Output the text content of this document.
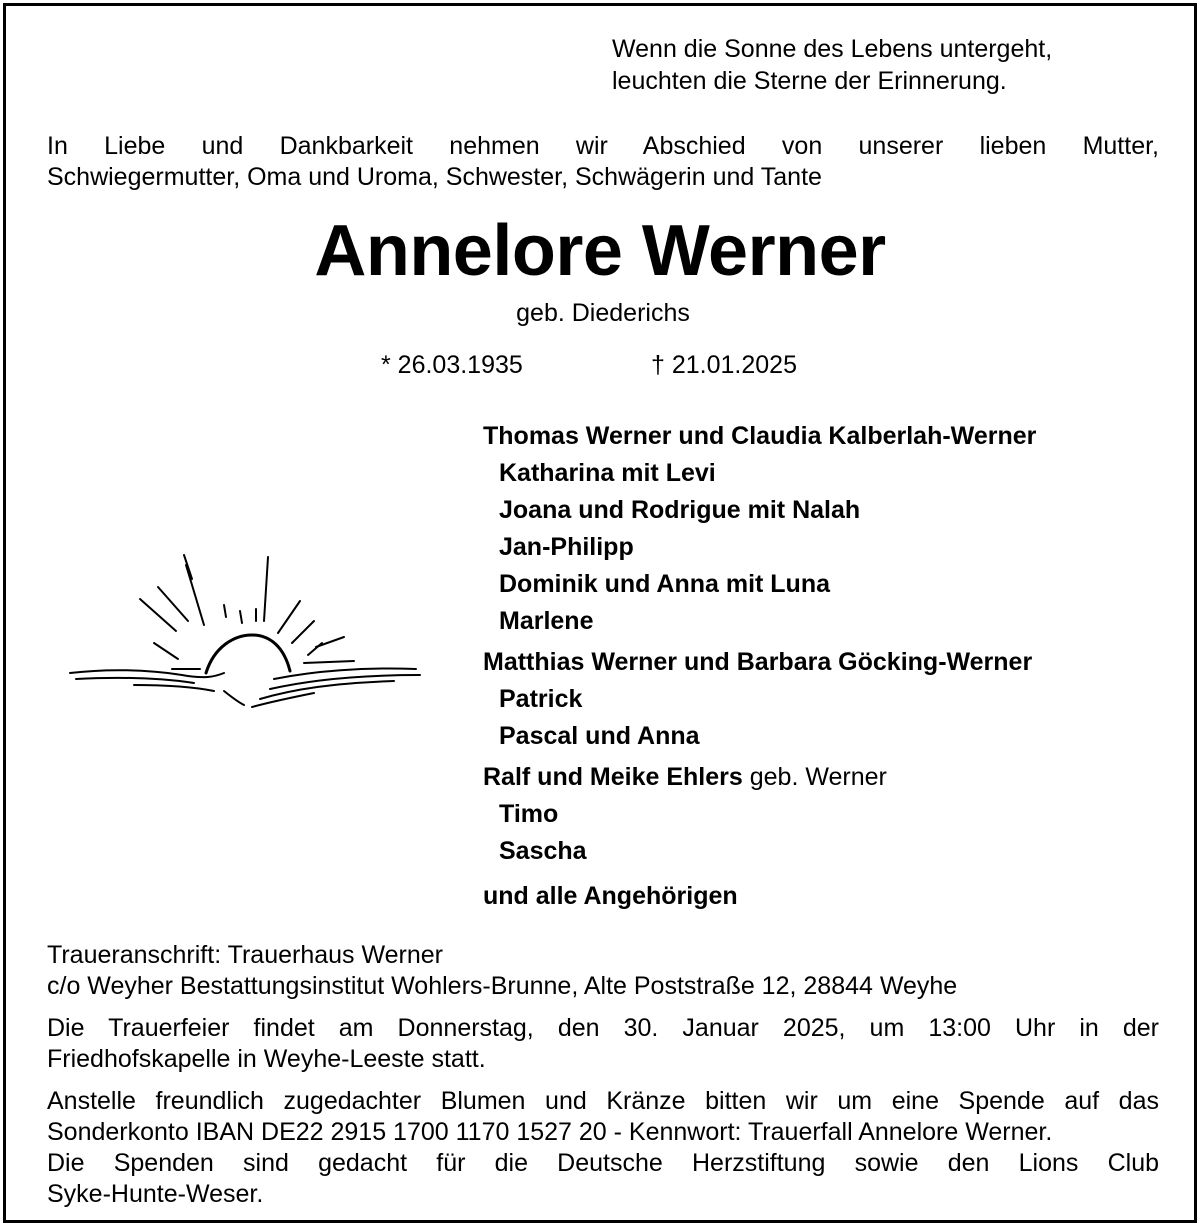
Wenn die Sonne des Lebens untergeht,
leuchten die Sterne der Erinnerung.
In Liebe und Dankbarkeit nehmen wir Abschied von unserer lieben Mutter,
Schwiegermutter, Oma und Uroma, Schwester, Schwägerin und Tante
Annelore Werner
geb. Diederichs
* 26.03.1935	† 21.01.2025
Thomas Werner und Claudia Kalberlah-Werner
Katharina mit Levi
Joana und Rodrigue mit Nalah
Jan-Philipp
Dominik und Anna mit Luna
Marlene
Matthias Werner und Barbara Göcking-Werner
Patrick
Pascal und Anna
Ralf und Meike Ehlers geb. Werner
Timo
Sascha
und alle Angehörigen

Traueranschrift: Trauerhaus Werner

c/o Weyher Bestattungsinstitut Wohlers-Brunne, Alte Poststraße 12, 28844 Weyhe

Die Trauerfeier findet am Donnerstag, den 30. Januar 2025, um 13:00 Uhr in der

Friedhofskapelle in Weyhe-Leeste statt.

Anstelle freundlich zugedachter Blumen und Kränze bitten wir um eine Spende auf das

Sonderkonto IBAN DE22 2915 1700 1170 1527 20 - Kennwort: Trauerfall Annelore Werner.

Die Spenden sind gedacht für die Deutsche Herzstiftung sowie den Lions Club

Syke-Hunte-Weser.
